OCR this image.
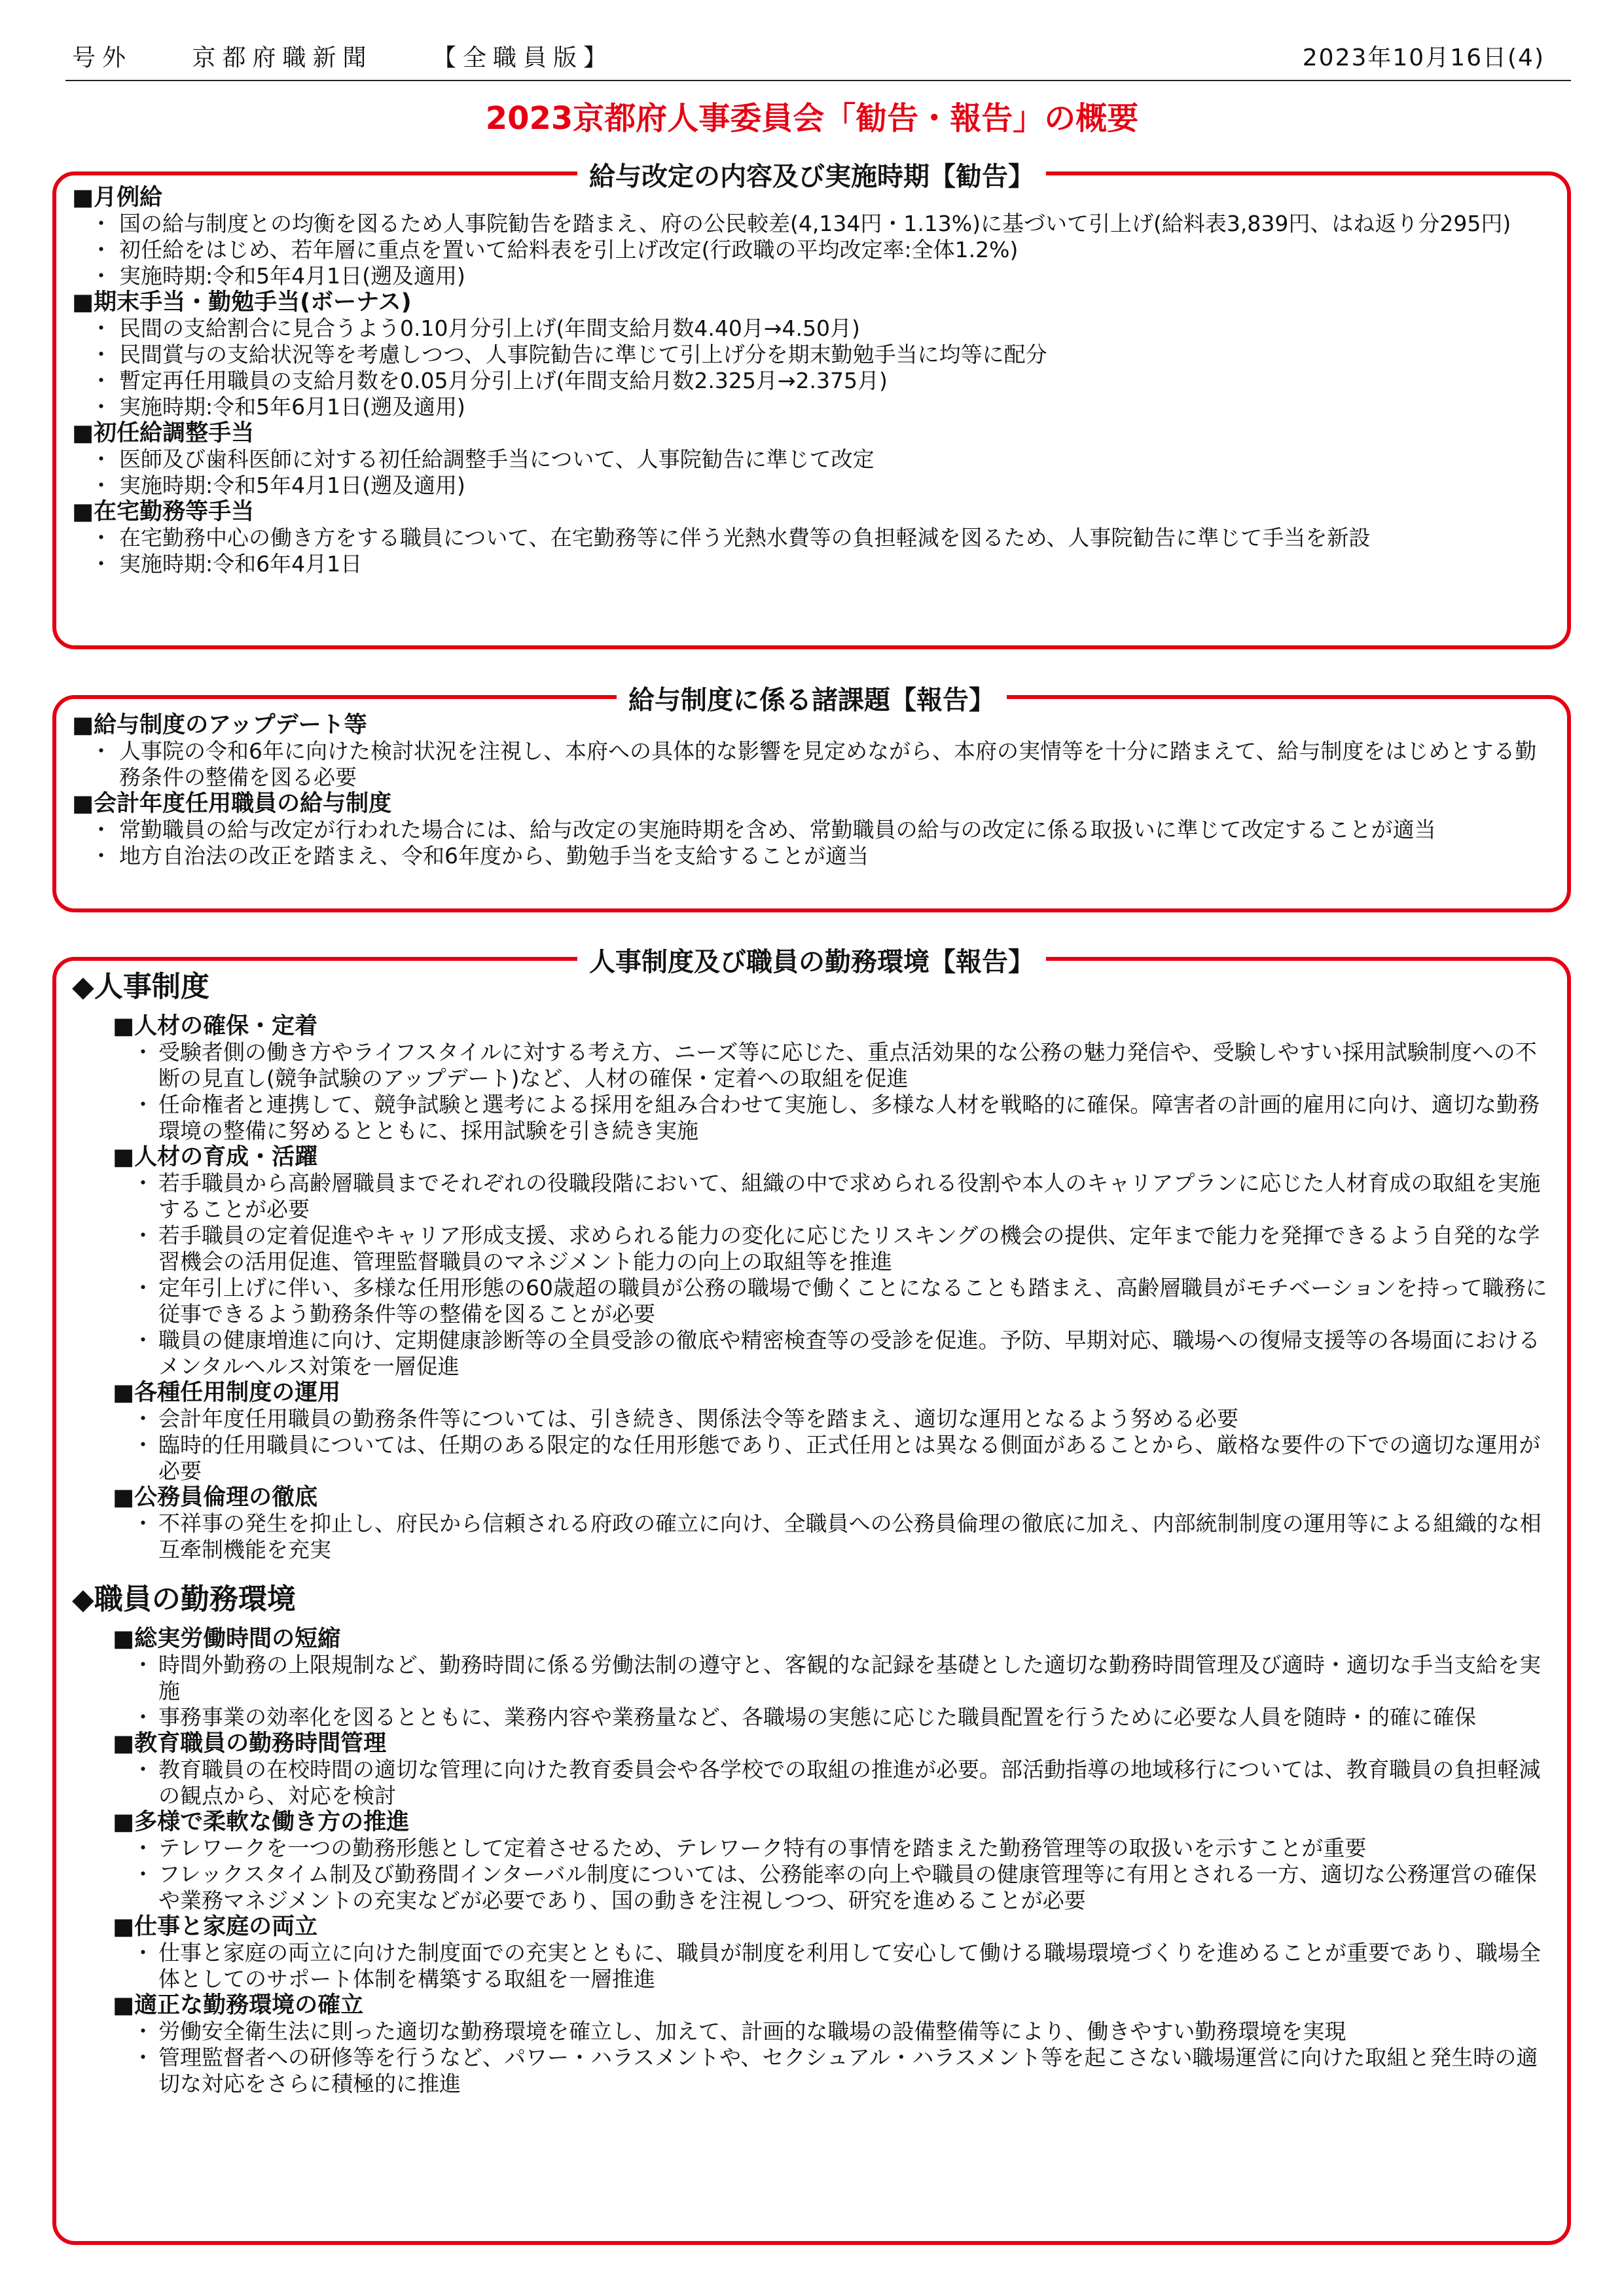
号外	京都府職新聞	【全職員版】	2023年10月16日(4)
2023京都府人事委員会「勧告・報告」の概要
給与改定の内容及び実施時期【勧告】
■月例給
・ 国の給与制度との均衡を図るため人事院勧告を踏まえ、府の公民較差(4,134円・1.13%)に基づいて引上げ(給料表3,839円、はね返り分295円)
・ 初任給をはじめ、若年層に重点を置いて給料表を引上げ改定(行政職の平均改定率:全体1.2%)
・ 実施時期:令和5年4月1日(遡及適用)
■期末手当・勤勉手当(ボーナス)
・ 民間の支給割合に見合うよう0.10月分引上げ(年間支給月数4.40月→4.50月)
・ 民間賞与の支給状況等を考慮しつつ、人事院勧告に準じて引上げ分を期末勤勉手当に均等に配分
・ 暫定再任用職員の支給月数を0.05月分引上げ(年間支給月数2.325月→2.375月)
・ 実施時期:令和5年6月1日(遡及適用)
■初任給調整手当
・ 医師及び歯科医師に対する初任給調整手当について、人事院勧告に準じて改定
・ 実施時期:令和5年4月1日(遡及適用)
■在宅勤務等手当
・ 在宅勤務中心の働き方をする職員について、在宅勤務等に伴う光熱水費等の負担軽減を図るため、人事院勧告に準じて手当を新設
・ 実施時期:令和6年4月1日
給与制度に係る諸課題【報告】
■給与制度のアップデート等
・ 人事院の令和6年に向けた検討状況を注視し、本府への具体的な影響を見定めながら、本府の実情等を十分に踏まえて、給与制度をはじめとする勤務条件の整備を図る必要
■会計年度任用職員の給与制度
・ 常勤職員の給与改定が行われた場合には、給与改定の実施時期を含め、常勤職員の給与の改定に係る取扱いに準じて改定することが適当
・ 地方自治法の改正を踏まえ、令和6年度から、勤勉手当を支給することが適当
人事制度及び職員の勤務環境【報告】
◆人事制度
■人材の確保・定着
・ 受験者側の働き方やライフスタイルに対する考え方、ニーズ等に応じた、重点活効果的な公務の魅力発信や、受験しやすい採用試験制度への不断の見直し(競争試験のアップデート)など、人材の確保・定着への取組を促進
・ 任命権者と連携して、競争試験と選考による採用を組み合わせて実施し、多様な人材を戦略的に確保。障害者の計画的雇用に向け、適切な勤務環境の整備に努めるとともに、採用試験を引き続き実施
■人材の育成・活躍
・ 若手職員から高齢層職員までそれぞれの役職段階において、組織の中で求められる役割や本人のキャリアプランに応じた人材育成の取組を実施することが必要
・ 若手職員の定着促進やキャリア形成支援、求められる能力の変化に応じたリスキングの機会の提供、定年まで能力を発揮できるよう自発的な学習機会の活用促進、管理監督職員のマネジメント能力の向上の取組等を推進
・ 定年引上げに伴い、多様な任用形態の60歳超の職員が公務の職場で働くことになることも踏まえ、高齢層職員がモチベーションを持って職務に従事できるよう勤務条件等の整備を図ることが必要
・ 職員の健康増進に向け、定期健康診断等の全員受診の徹底や精密検査等の受診を促進。予防、早期対応、職場への復帰支援等の各場面におけるメンタルヘルス対策を一層促進
■各種任用制度の運用
・ 会計年度任用職員の勤務条件等については、引き続き、関係法令等を踏まえ、適切な運用となるよう努める必要
・ 臨時的任用職員については、任期のある限定的な任用形態であり、正式任用とは異なる側面があることから、厳格な要件の下での適切な運用が必要
■公務員倫理の徹底
・ 不祥事の発生を抑止し、府民から信頼される府政の確立に向け、全職員への公務員倫理の徹底に加え、内部統制制度の運用等による組織的な相互牽制機能を充実
◆職員の勤務環境
■総実労働時間の短縮
・ 時間外勤務の上限規制など、勤務時間に係る労働法制の遵守と、客観的な記録を基礎とした適切な勤務時間管理及び適時・適切な手当支給を実施
・ 事務事業の効率化を図るとともに、業務内容や業務量など、各職場の実態に応じた職員配置を行うために必要な人員を随時・的確に確保
■教育職員の勤務時間管理
・ 教育職員の在校時間の適切な管理に向けた教育委員会や各学校での取組の推進が必要。部活動指導の地域移行については、教育職員の負担軽減の観点から、対応を検討
■多様で柔軟な働き方の推進
・ テレワークを一つの勤務形態として定着させるため、テレワーク特有の事情を踏まえた勤務管理等の取扱いを示すことが重要
・ フレックスタイム制及び勤務間インターバル制度については、公務能率の向上や職員の健康管理等に有用とされる一方、適切な公務運営の確保や業務マネジメントの充実などが必要であり、国の動きを注視しつつ、研究を進めることが必要
■仕事と家庭の両立
・ 仕事と家庭の両立に向けた制度面での充実とともに、職員が制度を利用して安心して働ける職場環境づくりを進めることが重要であり、職場全体としてのサポート体制を構築する取組を一層推進
■適正な勤務環境の確立
・ 労働安全衛生法に則った適切な勤務環境を確立し、加えて、計画的な職場の設備整備等により、働きやすい勤務環境を実現
・ 管理監督者への研修等を行うなど、パワー・ハラスメントや、セクシュアル・ハラスメント等を起こさない職場運営に向けた取組と発生時の適切な対応をさらに積極的に推進
